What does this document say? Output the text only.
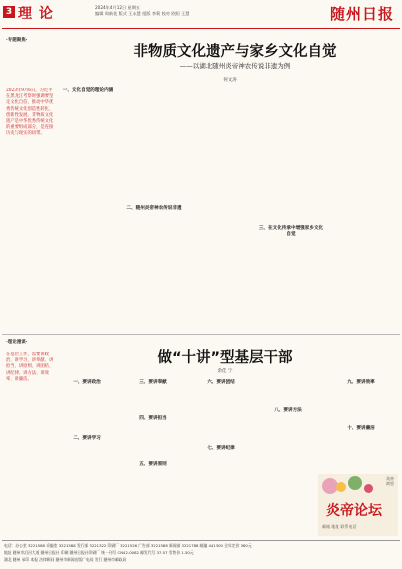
3 理 论	2024年4月12日 星期五
编辑 周新花 版式 王永慧 组版 李莉 校对 欧阳 王慧	随州日报
·专题聚焦·
非物质文化遗产与家乡文化自觉
——以湖北随州炎帝神农传说非遗为例
何文涛
2023年9月6日，习近平在黑龙江考察时强调要坚定文化自信，推动中华优秀传统文化创造性转化、创新性发展。非物质文化遗产是中华优秀传统文化的重要组成部分，是连接历史与现实的纽带。
一、文化自觉的理论内涵
二、随州炎帝神农传说非遗
三、在文化传承中增强家乡文化自觉
·理论漫谈·
做“十讲”型基层干部
余佳 宁
在基层工作，需要讲政治、讲学习、讲奉献、讲担当、讲原则、讲团结、讲纪律、讲方法、讲效率、讲廉洁。
一、要讲政治
二、要讲学习
三、要讲奉献
四、要讲担当
五、要讲原则
六、要讲团结
七、要讲纪律
八、要讲方法
九、要讲效率
十、要讲廉洁
炎帝论坛
炎帝故里
邮箱 地址 联系电话
电话：办公室 3221588 采编室 3221588 发行部 3221322 印刷厂 3221526 广告部 3221588 新闻部 3221788 邮编 441300 全年定价 360元
地址 随州市沿河大道 随州日报社 印刷 随州日报社印刷厂 统一刊号 CN42-0082 邮发代号 37-57 零售价 1.50元
湖北 随州 承印 本报 法律顾问 随州市新闻出版广电局 发行 随州市邮政局
